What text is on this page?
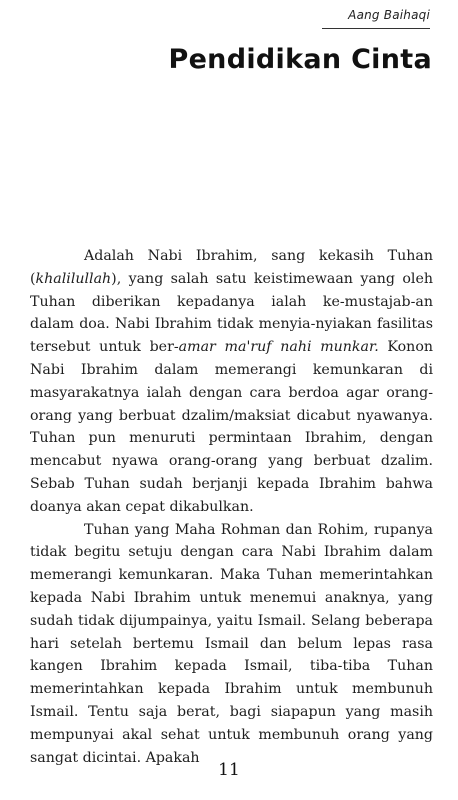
Aang Baihaqi
Pendidikan Cinta

Adalah Nabi Ibrahim, sang kekasih Tuhan (khalilullah), yang salah satu keistimewaan yang oleh Tuhan diberikan kepadanya ialah ke-mustajab-an dalam doa. Nabi Ibrahim tidak menyia-nyiakan fasilitas tersebut untuk ber-amar ma'ruf nahi munkar. Konon Nabi Ibrahim dalam memerangi kemunkaran di masyarakatnya ialah dengan cara berdoa agar orang-orang yang berbuat dzalim/maksiat dicabut nyawanya. Tuhan pun menuruti permintaan Ibrahim, dengan mencabut nyawa orang-orang yang berbuat dzalim. Sebab Tuhan sudah berjanji kepada Ibrahim bahwa doanya akan cepat dikabulkan.

Tuhan yang Maha Rohman dan Rohim, rupanya tidak begitu setuju dengan cara Nabi Ibrahim dalam memerangi kemunkaran. Maka Tuhan memerintahkan kepada Nabi Ibrahim untuk menemui anaknya, yang sudah tidak dijumpainya, yaitu Ismail. Selang beberapa hari setelah bertemu Ismail dan belum lepas rasa kangen Ibrahim kepada Ismail, tiba-tiba Tuhan memerintahkan kepada Ibrahim untuk membunuh Ismail. Tentu saja berat, bagi siapapun yang masih mempunyai akal sehat untuk membunuh orang yang sangat dicintai. Apakah

11
